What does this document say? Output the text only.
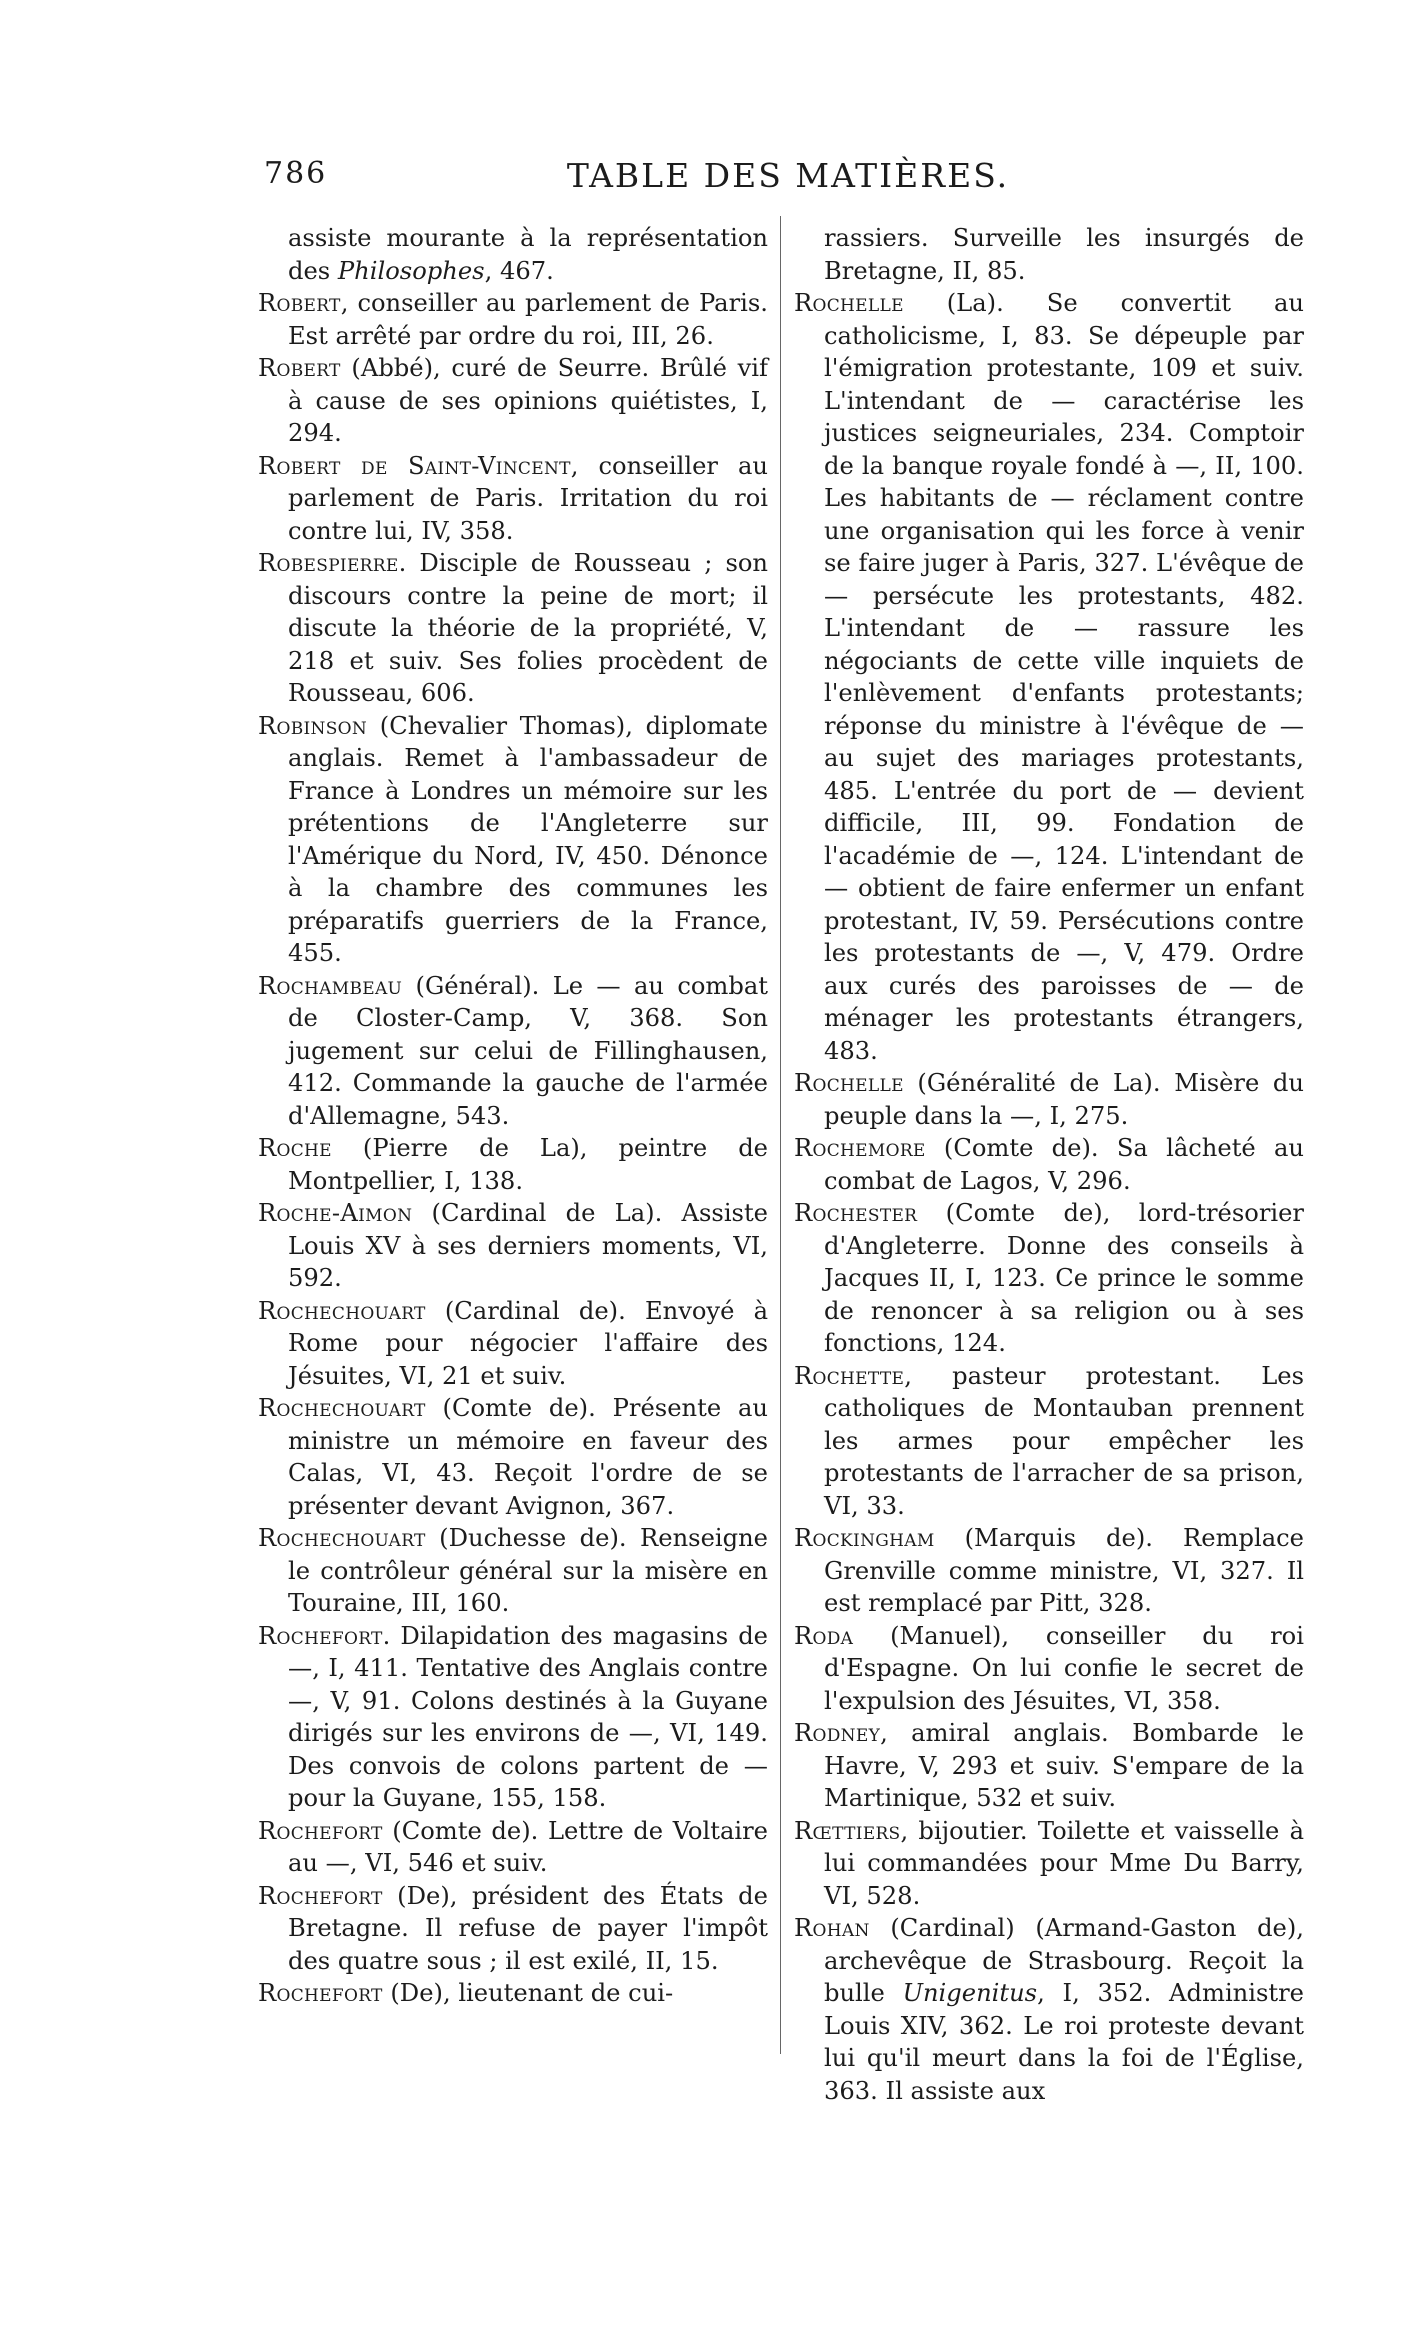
786	TABLE DES MATIÈRES.

assiste mourante à la représentation des Philosophes, 467.

Robert, conseiller au parlement de Paris. Est arrêté par ordre du roi, III, 26.

Robert (Abbé), curé de Seurre. Brûlé vif à cause de ses opinions quiétistes, I, 294.

Robert de Saint-Vincent, conseiller au parlement de Paris. Irritation du roi contre lui, IV, 358.

Robespierre. Disciple de Rousseau ; son discours contre la peine de mort; il discute la théorie de la propriété, V, 218 et suiv. Ses folies procèdent de Rousseau, 606.

Robinson (Chevalier Thomas), diplomate anglais. Remet à l'ambassadeur de France à Londres un mémoire sur les prétentions de l'Angleterre sur l'Amérique du Nord, IV, 450. Dénonce à la chambre des communes les préparatifs guerriers de la France, 455.

Rochambeau (Général). Le — au combat de Closter-Camp, V, 368. Son jugement sur celui de Fillinghausen, 412. Commande la gauche de l'armée d'Allemagne, 543.

Roche (Pierre de La), peintre de Montpellier, I, 138.

Roche-Aimon (Cardinal de La). Assiste Louis XV à ses derniers moments, VI, 592.

Rochechouart (Cardinal de). Envoyé à Rome pour négocier l'affaire des Jésuites, VI, 21 et suiv.

Rochechouart (Comte de). Présente au ministre un mémoire en faveur des Calas, VI, 43. Reçoit l'ordre de se présenter devant Avignon, 367.

Rochechouart (Duchesse de). Renseigne le contrôleur général sur la misère en Touraine, III, 160.

Rochefort. Dilapidation des magasins de —, I, 411. Tentative des Anglais contre —, V, 91. Colons destinés à la Guyane dirigés sur les environs de —, VI, 149. Des convois de colons partent de — pour la Guyane, 155, 158.

Rochefort (Comte de). Lettre de Voltaire au —, VI, 546 et suiv.

Rochefort (De), président des États de Bretagne. Il refuse de payer l'impôt des quatre sous ; il est exilé, II, 15.

Rochefort (De), lieutenant de cui-

rassiers. Surveille les insurgés de Bretagne, II, 85.

Rochelle (La). Se convertit au catholicisme, I, 83. Se dépeuple par l'émigration protestante, 109 et suiv. L'intendant de — caractérise les justices seigneuriales, 234. Comptoir de la banque royale fondé à —, II, 100. Les habitants de — réclament contre une organisation qui les force à venir se faire juger à Paris, 327. L'évêque de — persécute les protestants, 482. L'intendant de — rassure les négociants de cette ville inquiets de l'enlèvement d'enfants protestants; réponse du ministre à l'évêque de — au sujet des mariages protestants, 485. L'entrée du port de — devient difficile, III, 99. Fondation de l'académie de —, 124. L'intendant de — obtient de faire enfermer un enfant protestant, IV, 59. Persécutions contre les protestants de —, V, 479. Ordre aux curés des paroisses de — de ménager les protestants étrangers, 483.

Rochelle (Généralité de La). Misère du peuple dans la —, I, 275.

Rochemore (Comte de). Sa lâcheté au combat de Lagos, V, 296.

Rochester (Comte de), lord-trésorier d'Angleterre. Donne des conseils à Jacques II, I, 123. Ce prince le somme de renoncer à sa religion ou à ses fonctions, 124.

Rochette, pasteur protestant. Les catholiques de Montauban prennent les armes pour empêcher les protestants de l'arracher de sa prison, VI, 33.

Rockingham (Marquis de). Remplace Grenville comme ministre, VI, 327. Il est remplacé par Pitt, 328.

Roda (Manuel), conseiller du roi d'Espagne. On lui confie le secret de l'expulsion des Jésuites, VI, 358.

Rodney, amiral anglais. Bombarde le Havre, V, 293 et suiv. S'empare de la Martinique, 532 et suiv.

Rœttiers, bijoutier. Toilette et vaisselle à lui commandées pour Mme Du Barry, VI, 528.

Rohan (Cardinal) (Armand-Gaston de), archevêque de Strasbourg. Reçoit la bulle Unigenitus, I, 352. Administre Louis XIV, 362. Le roi proteste devant lui qu'il meurt dans la foi de l'Église, 363. Il assiste aux
